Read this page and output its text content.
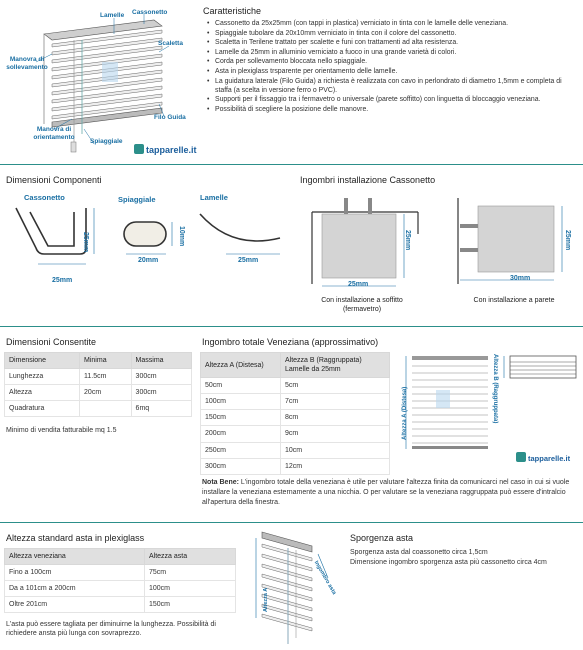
Lamelle Cassonetto
Scaletta
Manovra di sollevamento
Filo Guida
Manovra di orientamento
Spiaggiale
tapparelle.it
Caratteristiche
• Cassonetto da 25x25mm (con tappi in plastica) verniciato in tinta con le lamelle delle veneziana.
• Spiaggiale tubolare da 20x10mm verniciato in tinta con il colore del cassonetto.
• Scaletta in Terilene trattato per scalette e funi con trattamenti ad alta resistenza.
• Lamelle da 25mm in alluminio verniciato a fuoco in una grande varietà di colori.
• Corda per sollevamento bloccata nello spiaggiale.
• Asta in plexiglass trsparente per orientamento delle lamelle.
• La guidatura laterale (Filo Guida) a richiesta è realizzata con cavo in perlondrato di diametro 1,5mm e completa di staffa (a scelta in versione ferro o PVC).
• Supporti per il fissaggio tra i fermavetro o universale (parete soffitto) con linguetta di bloccaggio veneziana.
• Possibilità di scegliere la posizione delle manovre.
Dimensioni Componenti
Cassonetto
25mm
25mm
Spiaggiale
10mm
20mm
Lamelle
25mm
Ingombri installazione Cassonetto
25mm
25mm
Con installazione a soffitto (fermavetro)
25mm
30mm
Con installazione a parete
Dimensioni Consentite
Dimensione	Minima	Massima
Lunghezza	11.5cm	300cm
Altezza	20cm	300cm
Quadratura		6mq
Minimo di vendita fatturabile mq 1.5
Ingombro totale Veneziana (approssimativo)
Altezza A (Distesa)	Altezza B (Raggruppata) Lamelle da 25mm
50cm	5cm
100cm	7cm
150cm	8cm
200cm	9cm
250cm	10cm
300cm	12cm
Altezza A (Distesa)	Altezza B (Raggruppata)
tapparelle.it
Nota Bene: L'ingombro totale della veneziana è utile per valutare l'altezza finita da comunicarci nel caso in cui si vuole installare la veneziana esternamente a una nicchia. O per valutare se la veneziana raggruppata può essere d'intralcio all'apertura della finestra.
Altezza standard asta in plexiglass
Altezza veneziana	Altezza asta
Fino a 100cm	75cm
Da a 101cm a 200cm	100cm
Oltre 201cm	150cm
L'asta può essere tagliata per diminuirne la lunghezza. Possibilità di richiedere ansta più lunga con sovraprezzo.
Altezza A
Ingombro asta
Sporgenza asta
Sporgenza asta dal coassonetto circa 1,5cm
Dimensione ingombro sporgenza asta più cassonetto circa 4cm
